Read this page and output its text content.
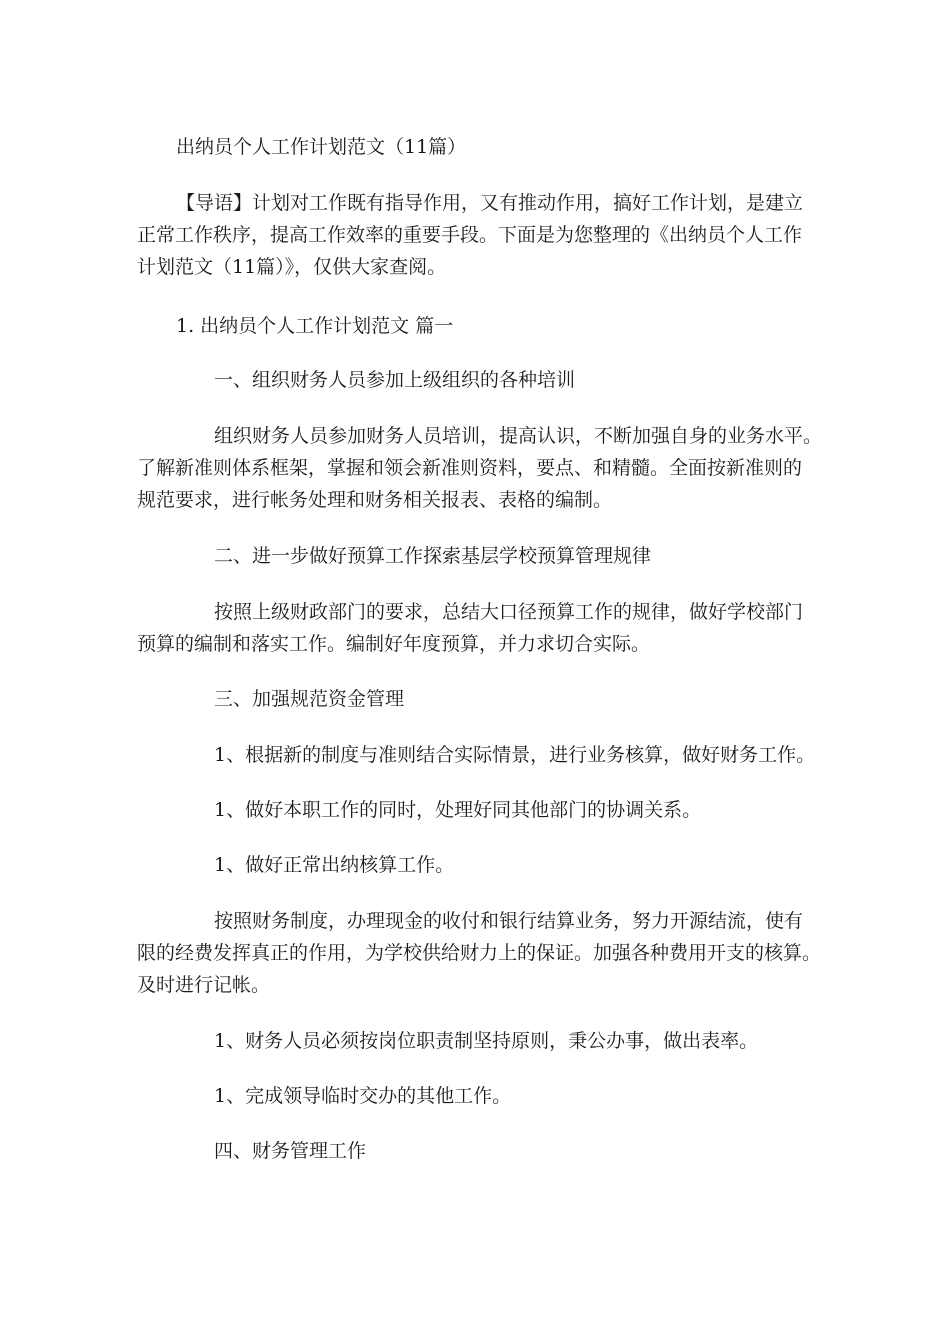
出纳员个人工作计划范文（11篇）
【导语】计划对工作既有指导作用，又有推动作用，搞好工作计划，是建立
正常工作秩序，提高工作效率的重要手段。下面是为您整理的《出纳员个人工作
计划范文（11篇）》，仅供大家查阅。
1. 出纳员个人工作计划范文 篇一
一、组织财务人员参加上级组织的各种培训
组织财务人员参加财务人员培训，提高认识，不断加强自身的业务水平。
了解新准则体系框架，掌握和领会新准则资料，要点、和精髓。全面按新准则的
规范要求，进行帐务处理和财务相关报表、表格的编制。
二、进一步做好预算工作探索基层学校预算管理规律
按照上级财政部门的要求，总结大口径预算工作的规律，做好学校部门
预算的编制和落实工作。编制好年度预算，并力求切合实际。
三、加强规范资金管理
1、根据新的制度与准则结合实际情景，进行业务核算，做好财务工作。
1、做好本职工作的同时，处理好同其他部门的协调关系。
1、做好正常出纳核算工作。
按照财务制度，办理现金的收付和银行结算业务，努力开源结流，使有
限的经费发挥真正的作用，为学校供给财力上的保证。加强各种费用开支的核算。
及时进行记帐。
1、财务人员必须按岗位职责制坚持原则，秉公办事，做出表率。
1、完成领导临时交办的其他工作。
四、财务管理工作
